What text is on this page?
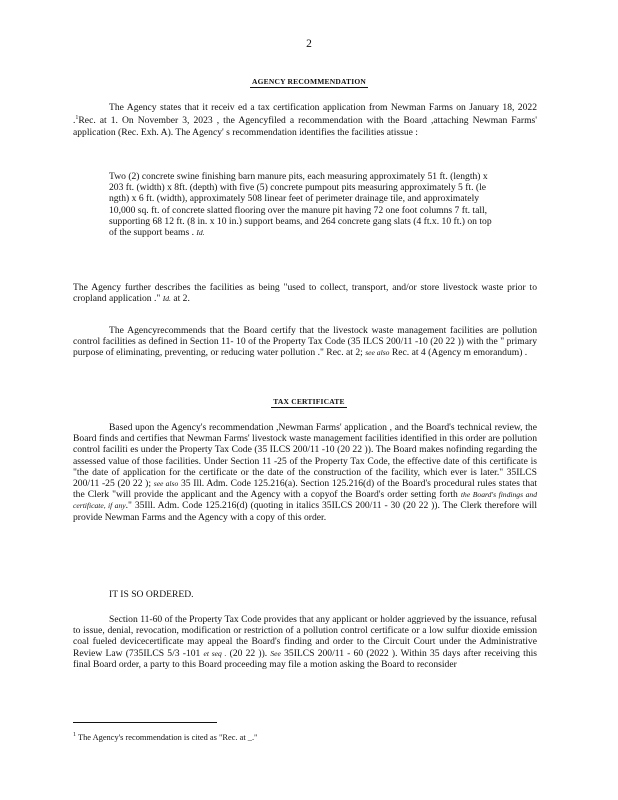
2
AGENCY RECOMMENDATION

The Agency states that it receiv ed a tax certification application from Newman Farms on January 18, 2022 .$^1$Rec. at 1. On November 3, 2023 , the Agencyfiled a recommendation with the Board ,attaching Newman Farms' application (Rec. Exh. A). The Agency' s recommendation identifies the facilities atissue :

Two (2) concrete swine finishing barn manure pits, each measuring approximately 51 ft. (length) x 203 ft. (width) x 8ft. (depth) with five (5) concrete pumpout pits measuring approximately 5 ft. (le ngth) x 6 ft. (width), approximately 508 linear feet of perimeter drainage tile, and approximately 10,000 sq. ft. of concrete slatted flooring over the manure pit having 72 one foot columns 7 ft. tall, supporting 68 12 ft. (8 in. x 10 in.) support beams, and 264 concrete gang slats (4 ft.x. 10 ft.) on top of the support beams . Id.

The Agency further describes the facilities as being "used to collect, transport, and/or store livestock waste prior to cropland application ." Id. at 2.

The Agencyrecommends that the Board certify that the livestock waste management facilities are pollution control facilities as defined in Section 11- 10 of the Property Tax Code (35 ILCS 200/11 -10 (20 22 )) with the " primary purpose of eliminating, preventing, or reducing water pollution ." Rec. at 2; see also Rec. at 4 (Agency m emorandum) .

TAX CERTIFICATE

Based upon the Agency's recommendation ,Newman Farms' application , and the Board's technical review, the Board finds and certifies that Newman Farms' livestock waste management facilities identified in this order are pollution control faciliti es under the Property Tax Code (35 ILCS 200/11 -10 (20 22 )). The Board makes nofinding regarding the assessed value of those facilities. Under Section 11 -25 of the Property Tax Code, the effective date of this certificate is "the date of application for the certificate or the date of the construction of the facility, which ever is later." 35ILCS 200/11 -25 (20 22 ); see also 35 Ill. Adm. Code 125.216(a). Section 125.216(d) of the Board's procedural rules states that the Clerk "will provide the applicant and the Agency with a copyof the Board's order setting forth the Board's findings and certificate, if any." 35Ill. Adm. Code 125.216(d) (quoting in italics 35ILCS 200/11 - 30 (20 22 )). The Clerk therefore will provide Newman Farms and the Agency with a copy of this order.

IT IS SO ORDERED.

Section 11-60 of the Property Tax Code provides that any applicant or holder aggrieved by the issuance, refusal to issue, denial, revocation, modification or restriction of a pollution control certificate or a low sulfur dioxide emission coal fueled devicecertificate may appeal the Board's finding and order to the Circuit Court under the Administrative Review Law (735ILCS 5/3 -101 et seq . (20 22 )). See 35ILCS 200/11 - 60 (2022 ). Within 35 days after receiving this final Board order, a party to this Board proceeding may file a motion asking the Board to reconsider

$^1$ The Agency's recommendation is cited as "Rec. at _."
